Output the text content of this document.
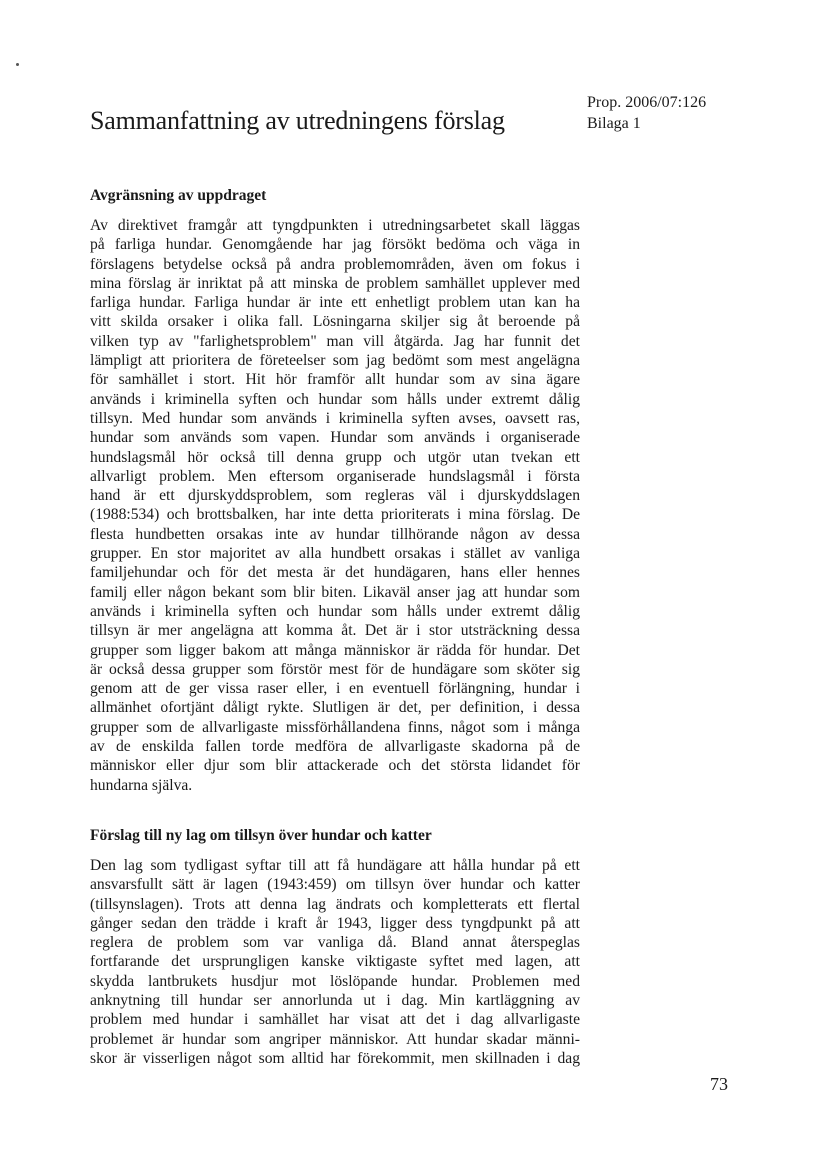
Sammanfattning av utredningens förslag
Prop. 2006/07:126
Bilaga 1
Avgränsning av uppdraget

Av direktivet framgår att tyngdpunkten i utredningsarbetet skall läggas
på farliga hundar. Genomgående har jag försökt bedöma och väga in
förslagens betydelse också på andra problemområden, även om fokus i
mina förslag är inriktat på att minska de problem samhället upplever med
farliga hundar. Farliga hundar är inte ett enhetligt problem utan kan ha
vitt skilda orsaker i olika fall. Lösningarna skiljer sig åt beroende på
vilken typ av "farlighetsproblem" man vill åtgärda. Jag har funnit det
lämpligt att prioritera de företeelser som jag bedömt som mest angelägna
för samhället i stort. Hit hör framför allt hundar som av sina ägare
används i kriminella syften och hundar som hålls under extremt dålig
tillsyn. Med hundar som används i kriminella syften avses, oavsett ras,
hundar som används som vapen. Hundar som används i organiserade
hundslagsmål hör också till denna grupp och utgör utan tvekan ett
allvarligt problem. Men eftersom organiserade hundslagsmål i första
hand är ett djurskyddsproblem, som regleras väl i djurskyddslagen
(1988:534) och brottsbalken, har inte detta prioriterats i mina förslag. De
flesta hundbetten orsakas inte av hundar tillhörande någon av dessa
grupper. En stor majoritet av alla hundbett orsakas i stället av vanliga
familjehundar och för det mesta är det hundägaren, hans eller hennes
familj eller någon bekant som blir biten. Likaväl anser jag att hundar som
används i kriminella syften och hundar som hålls under extremt dålig
tillsyn är mer angelägna att komma åt. Det är i stor utsträckning dessa
grupper som ligger bakom att många människor är rädda för hundar. Det
är också dessa grupper som förstör mest för de hundägare som sköter sig
genom att de ger vissa raser eller, i en eventuell förlängning, hundar i
allmänhet ofortjänt dåligt rykte. Slutligen är det, per definition, i dessa
grupper som de allvarligaste missförhållandena finns, något som i många
av de enskilda fallen torde medföra de allvarligaste skadorna på de
människor eller djur som blir attackerade och det största lidandet för
hundarna själva.

Förslag till ny lag om tillsyn över hundar och katter

Den lag som tydligast syftar till att få hundägare att hålla hundar på ett
ansvarsfullt sätt är lagen (1943:459) om tillsyn över hundar och katter
(tillsynslagen). Trots att denna lag ändrats och kompletterats ett flertal
gånger sedan den trädde i kraft år 1943, ligger dess tyngdpunkt på att
reglera de problem som var vanliga då. Bland annat återspeglas
fortfarande det ursprungligen kanske viktigaste syftet med lagen, att
skydda lantbrukets husdjur mot löslöpande hundar. Problemen med
anknytning till hundar ser annorlunda ut i dag. Min kartläggning av
problem med hundar i samhället har visat att det i dag allvarligaste
problemet är hundar som angriper människor. Att hundar skadar männi-
skor är visserligen något som alltid har förekommit, men skillnaden i dag

73
